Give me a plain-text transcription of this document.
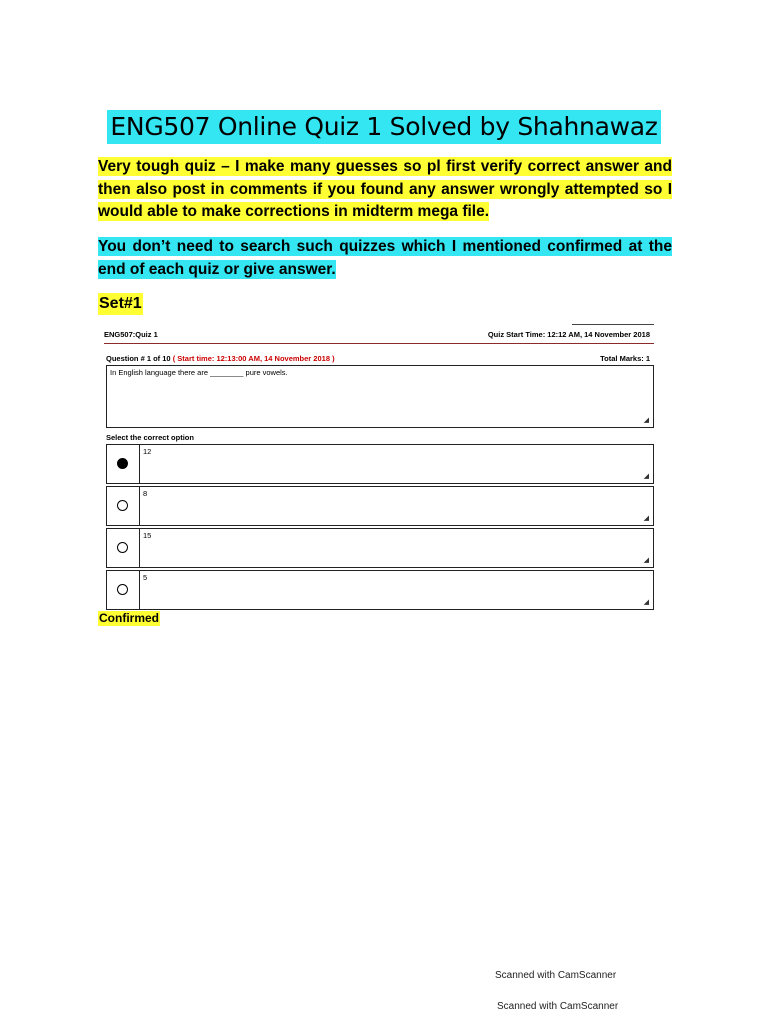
ENG507 Online Quiz 1 Solved by Shahnawaz
Very tough quiz – I make many guesses so pl first verify correct answer and then also post in comments if you found any answer wrongly attempted so I would able to make corrections in midterm mega file.
You don’t need to search such quizzes which I mentioned confirmed at the end of each quiz or give answer.
Set#1
ENG507:Quiz 1	Quiz Start Time: 12:12 AM, 14 November 2018
Question # 1 of 10 ( Start time: 12:13:00 AM, 14 November 2018 )	Total Marks: 1
In English language there are ________ pure vowels.
◢
Select the correct option
12
◢
8
◢
15
◢
5
◢
Confirmed
Scanned with CamScanner
Scanned with CamScanner
